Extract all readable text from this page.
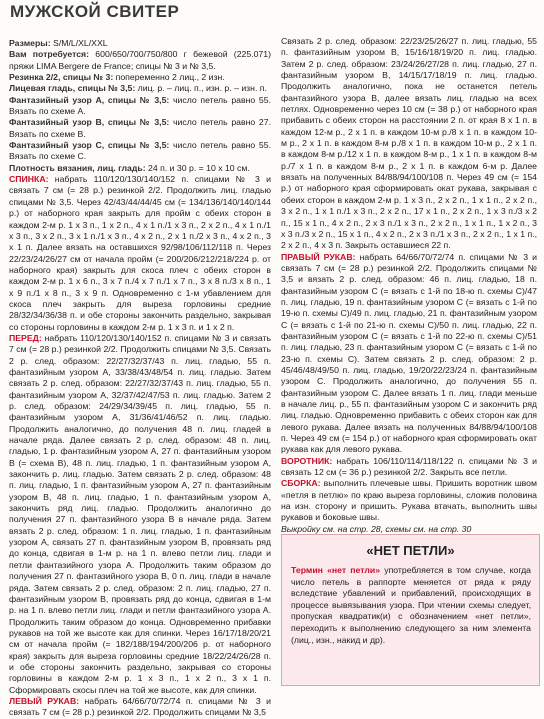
МУЖСКОЙ СВИТЕР

Размеры: S/M/L/XL/XXL

Вам потребуется: 600/650/700/750/800 г бежевой (225.071) пряжи LIMA Bergere de France; спицы № 3 и № 3,5.

Резинка 2/2, спицы № 3: попеременно 2 лиц., 2 изн.

Лицевая гладь, спицы № 3,5: лиц. р. – лиц. п., изн. р. – изн. п.

Фантазийный узор А, спицы № 3,5: число петель равно 55. Вязать по схеме А.

Фантазийный узор В, спицы № 3,5: число петель равно 27. Вязать по схеме В.

Фантазийный узор С, спицы № 3,5: число петель равно 55. Вязать по схеме С.

Плотность вязания, лиц. гладь: 24 п. и 30 р. = 10 х 10 см.

СПИНКА: набрать 110/120/130/140/152 п. спицами № 3 и связать 7 см (= 28 р.) резинкой 2/2. Продолжить лиц. гладью спицами № 3,5. Через 42/43/44/44/45 см (= 134/136/140/140/144 р.) от наборного края закрыть для пройм с обеих сторон в каждом 2-м р. 1 х 3 п., 1 х 2 п., 4 х 1 п./1 х 3 п., 2 х 2 п., 4 х 1 п./1 х 3 п., 3 х 2 п., 3 х 1 п./1 х 3 п., 4 х 2 п., 2 х 1 п./2 х 3 п., 4 х 2 п., 3 х 1 п. Далее вязать на оставшихся 92/98/106/112/118 п. Через 22/23/24/26/27 см от начала пройм (= 200/206/212/218/224 р. от наборного края) закрыть для скоса плеч с обеих сторон в каждом 2-м р. 1 х 6 п., 3 х 7 п./4 х 7 п./1 х 7 п., 3 х 8 п./3 х 8 п., 1 х 9 п./1 х 8 п., 3 х 9 п. Одновременно с 1-м убавлением для скоса плеч закрыть для выреза горловины средние 28/32/34/36/38 п. и обе стороны закончить раздельно, закрывая со стороны горловины в каждом 2-м р. 1 х 3 п. и 1 х 2 п.

ПЕРЕД: набрать 110/120/130/140/152 п. спицами № 3 и связать 7 см (= 28 р.) резинкой 2/2. Продолжить спицами № 3,5. Связать 2 р. след. образом: 22/27/32/37/43 п. лиц. гладью, 55 п. фантазийным узором А, 33/38/43/48/54 п. лиц. гладью. Затем связать 2 р. след. образом: 22/27/32/37/43 п. лиц. гладью, 55 п. фантазийным узором А, 32/37/42/47/53 п. лиц. гладью. Затем 2 р. след. образом: 24/29/34/39/45 п. лиц. гладью, 55 п. фантазийным узором А, 31/36/41/46/52 п. лиц. гладью. Продолжить аналогично, до получения 48 п. лиц. гладей в начале ряда. Далее связать 2 р. след. образом: 48 п. лиц. гладью, 1 р. фантазийным узором А, 27 п. фантазийным узором В (= схема В), 48 п. лиц. гладью, 1 п. фантазийным узором А, закончить р. лиц. гладью. Затем связать 2 р. след. образом: 48 п. лиц. гладью, 1 п. фантазийным узором А, 27 п. фантазийным узором В, 48 п. лиц. гладью, 1 п. фантазийным узором А, закончить ряд лиц. гладью. Продолжить аналогично до получения 27 п. фантазийного узора В в начале ряда. Затем вязать 2 р. след. образом: 1 п. лиц. гладью, 1 п. фантазийным узором А, связать 27 п. фантазийным узором В, провязать ряд до конца, сдвигая в 1-м р. на 1 п. влево петли лиц. глади и петли фантазийного узора А. Продолжить таким образом до получения 27 п. фантазийного узора В, 0 п. лиц. глади в начале ряда. Затем связать 2 р. след. образом: 2 п. лиц. гладью, 27 п. фантазийным узором В, провязать ряд до конца, сдвигая в 1-м р. на 1 п. влево петли лиц. глади и петли фантазийного узора А. Продолжить таким образом до конца. Одновременно прибавки рукавов на той же высоте как для спинки. Через 16/17/18/20/21 см от начала пройм (= 182/188/194/200/206 р. от наборного края) закрыть для выреза горловины средние 18/22/24/26/28 п. и обе стороны закончить раздельно, закрывая со стороны горловины в каждом 2-м р. 1 х 3 п., 1 х 2 п., 3 х 1 п. Сформировать скосы плеч на той же высоте, как для спинки.

ЛЕВЫЙ РУКАВ: набрать 64/66/70/72/74 п. спицами № 3 и связать 7 см (= 28 р.) резинкой 2/2. Продолжить спицами № 3,5

Связать 2 р. след. образом: 22/23/25/26/27 п. лиц. гладью, 55 п. фантазийным узором В, 15/16/18/19/20 п. лиц. гладью. Затем 2 р. след. образом: 23/24/26/27/28 п. лиц. гладью, 27 п. фантазийным узором В, 14/15/17/18/19 п. лиц. гладью. Продолжить аналогично, пока не останется петель фантазийного узора В, далее вязать лиц. гладью на всех петлях. Одновременно через 10 см (= 38 р.) от наборного края прибавить с обеих сторон на расстоянии 2 п. от края 8 х 1 п. в каждом 12-м р., 2 х 1 п. в каждом 10-м р./8 х 1 п. в каждом 10-м р., 2 х 1 п. в каждом 8-м р./8 х 1 п. в каждом 10-м р., 2 х 1 п. в каждом 8-м р./12 х 1 п. в каждом 8-м р., 1 х 1 п. в каждом 8-м р./7 х 1 п. в каждом 8-м р., 2 х 1 п. в каждом 6-м р. Далее вязать на полученных 84/88/94/100/108 п. Через 49 см (= 154 р.) от наборного края сформировать окат рукава, закрывая с обеих сторон в каждом 2-м р. 1 х 3 п., 2 х 2 п., 1 х 1 п., 2 х 2 п., 3 х 2 п., 1 х 1 п./1 х 3 п., 2 х 2 п., 17 х 1 п., 2 х 2 п., 1 х 3 п./3 х 2 п., 15 х 1 п., 4 х 2 п., 2 х 3 п./1 х 3 п., 2 х 2 п., 1 х 1 п., 1 х 2 п., 3 х 3 п./3 х 2 п., 15 х 1 п., 4 х 2 п., 2 х 3 п./1 х 3 п., 2 х 2 п., 1 х 1 п., 2 х 2 п., 4 х 3 п. Закрыть оставшиеся 22 п.

ПРАВЫЙ РУКАВ: набрать 64/66/70/72/74 п. спицами № 3 и связать 7 см (= 28 р.) резинкой 2/2. Продолжить спицами № 3,5 и вязать 2 р. след. образом: 46 п. лиц. гладью, 18 п. фантазийным узором С (= вязать с 1-й по 18-ю п. схемы С)/47 п. лиц. гладью, 19 п. фантазийным узором С (= вязать с 1-й по 19-ю п. схемы С)/49 п. лиц. гладью, 21 п. фантазийным узором С (= вязать с 1-й по 21-ю п. схемы С)/50 п. лиц. гладью, 22 п. фантазийным узором С (= вязать с 1-й по 22-ю п. схемы С)/51 п. лиц. гладью, 23 п. фантазийным узором С (= вязать с 1-й по 23-ю п. схемы С). Затем связать 2 р. след. образом: 2 р. 45/46/48/49/50 п. лиц. гладью, 19/20/22/23/24 п. фантазийным узором С. Продолжить аналогично, до получения 55 п. фантазийным узором С. Далее вязать 1 п. лиц. глади меньше в начале лиц. р., 55 п. фантазийным узором С и закончить ряд лиц. гладью. Одновременно прибавить с обеих сторон как для левого рукава. Далее вязать на полученных 84/88/94/100/108 п. Через 49 см (= 154 р.) от наборного края сформировать окат рукава как для левого рукава.

ВОРОТНИК: набрать 106/110/114/118/122 п. спицами № 3 и связать 12 см (= 36 р.) резинкой 2/2. Закрыть все петли.

СБОРКА: выполнить плечевые швы. Пришить воротник швом «петля в петлю» по краю выреза горловины, сложив половина на изн. сторону и пришить. Рукава втачать, выполнить швы рукавов и боковые швы.

Выкройку см. на стр. 28, схемы см. на стр. 30

«НЕТ ПЕТЛИ»

Термин «нет петли» употребляется в том случае, когда число петель в раппорте меняется от ряда к ряду вследствие убавлений и прибавлений, происходящих в процессе вывязывания узора. При чтении схемы следует, пропуская квадратик(и) с обозначением «нет петли», переходить к выполнению следующего за ним элемента (лиц., изн., накид и др).
